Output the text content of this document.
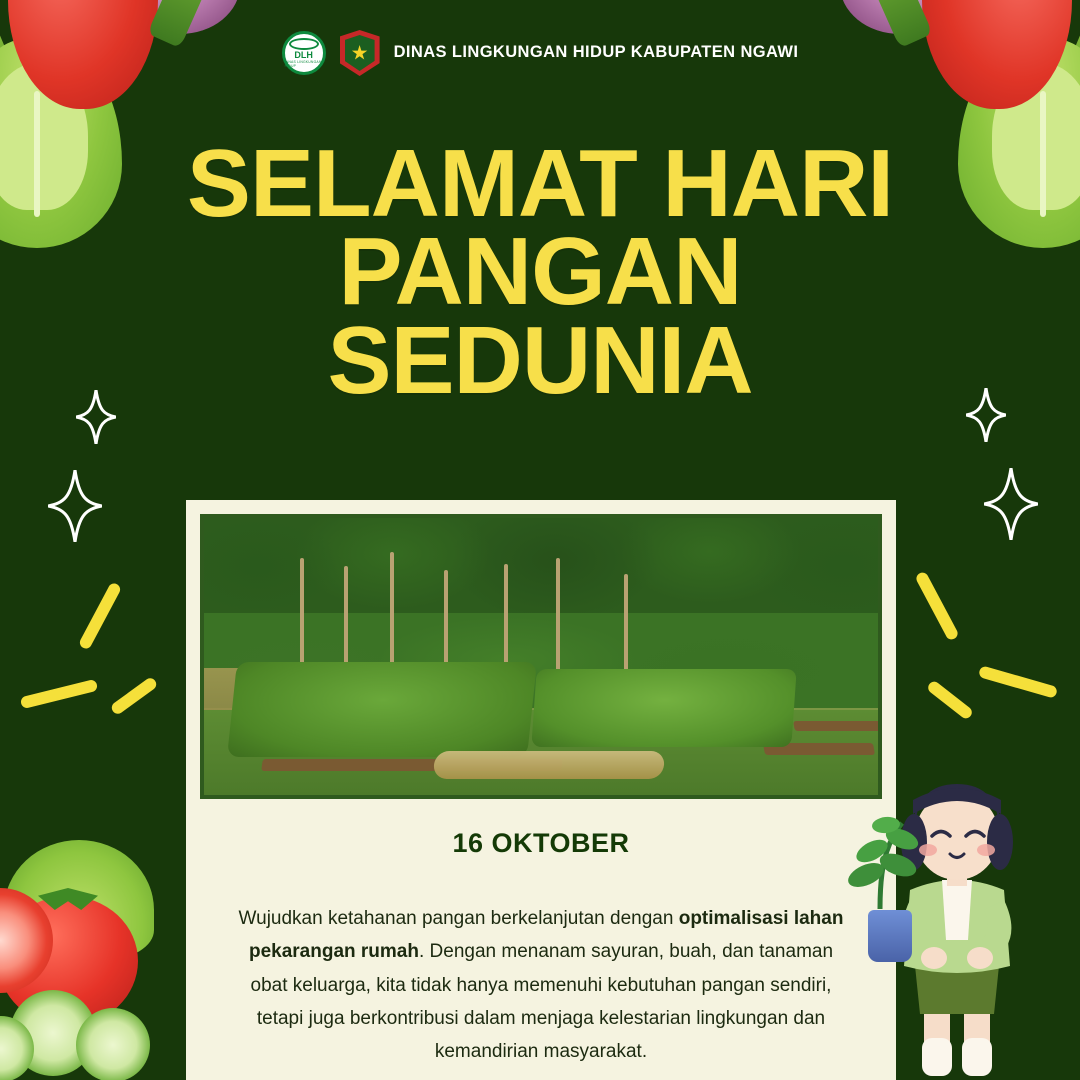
DLH
DINAS LINGKUNGAN HIDUP
DINAS LINGKUNGAN HIDUP KABUPATEN NGAWI
SELAMAT HARI
PANGAN
SEDUNIA
16 OKTOBER
Wujudkan ketahanan pangan berkelanjutan dengan optimalisasi lahan pekarangan rumah. Dengan menanam sayuran, buah, dan tanaman obat keluarga, kita tidak hanya memenuhi kebutuhan pangan sendiri, tetapi juga berkontribusi dalam menjaga kelestarian lingkungan dan kemandirian masyarakat.
